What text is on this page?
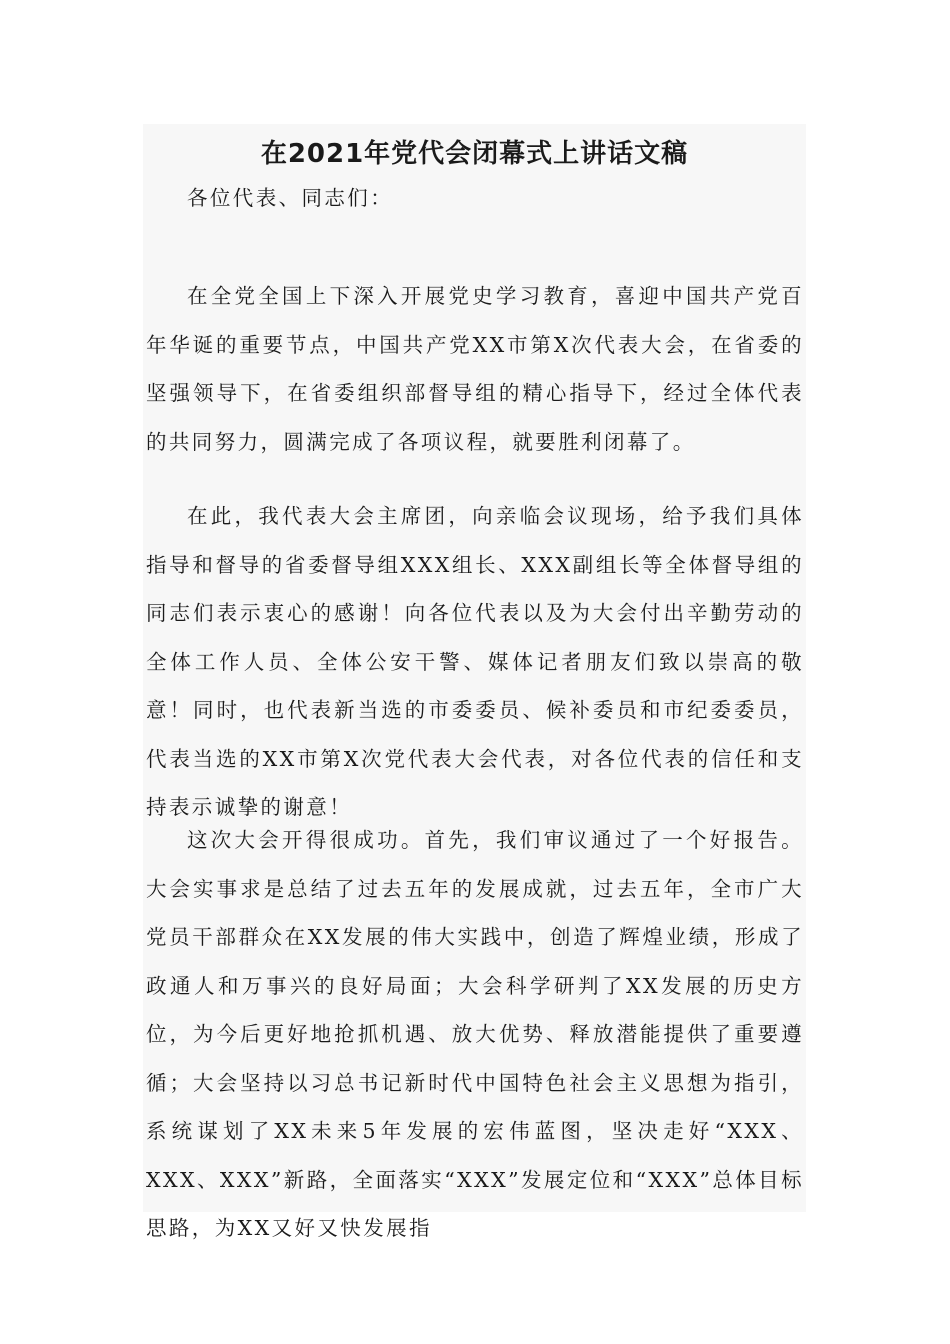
在2021年党代会闭幕式上讲话文稿

各位代表、同志们：

在全党全国上下深入开展党史学习教育，喜迎中国共产党百年华诞的重要节点，中国共产党XX市第X次代表大会，在省委的坚强领导下，在省委组织部督导组的精心指导下，经过全体代表的共同努力，圆满完成了各项议程，就要胜利闭幕了。

在此，我代表大会主席团，向亲临会议现场，给予我们具体指导和督导的省委督导组XXX组长、XXX副组长等全体督导组的同志们表示衷心的感谢！向各位代表以及为大会付出辛勤劳动的全体工作人员、全体公安干警、媒体记者朋友们致以崇高的敬意！同时，也代表新当选的市委委员、候补委员和市纪委委员，代表当选的XX市第X次党代表大会代表，对各位代表的信任和支持表示诚挚的谢意！

这次大会开得很成功。首先，我们审议通过了一个好报告。大会实事求是总结了过去五年的发展成就，过去五年，全市广大党员干部群众在XX发展的伟大实践中，创造了辉煌业绩，形成了政通人和万事兴的良好局面；大会科学研判了XX发展的历史方位，为今后更好地抢抓机遇、放大优势、释放潜能提供了重要遵循；大会坚持以习总书记新时代中国特色社会主义思想为指引，系统谋划了XX未来5年发展的宏伟蓝图，坚决走好“XXX、XXX、XXX”新路，全面落实“XXX”发展定位和“XXX”总体目标思路，为XX又好又快发展指
